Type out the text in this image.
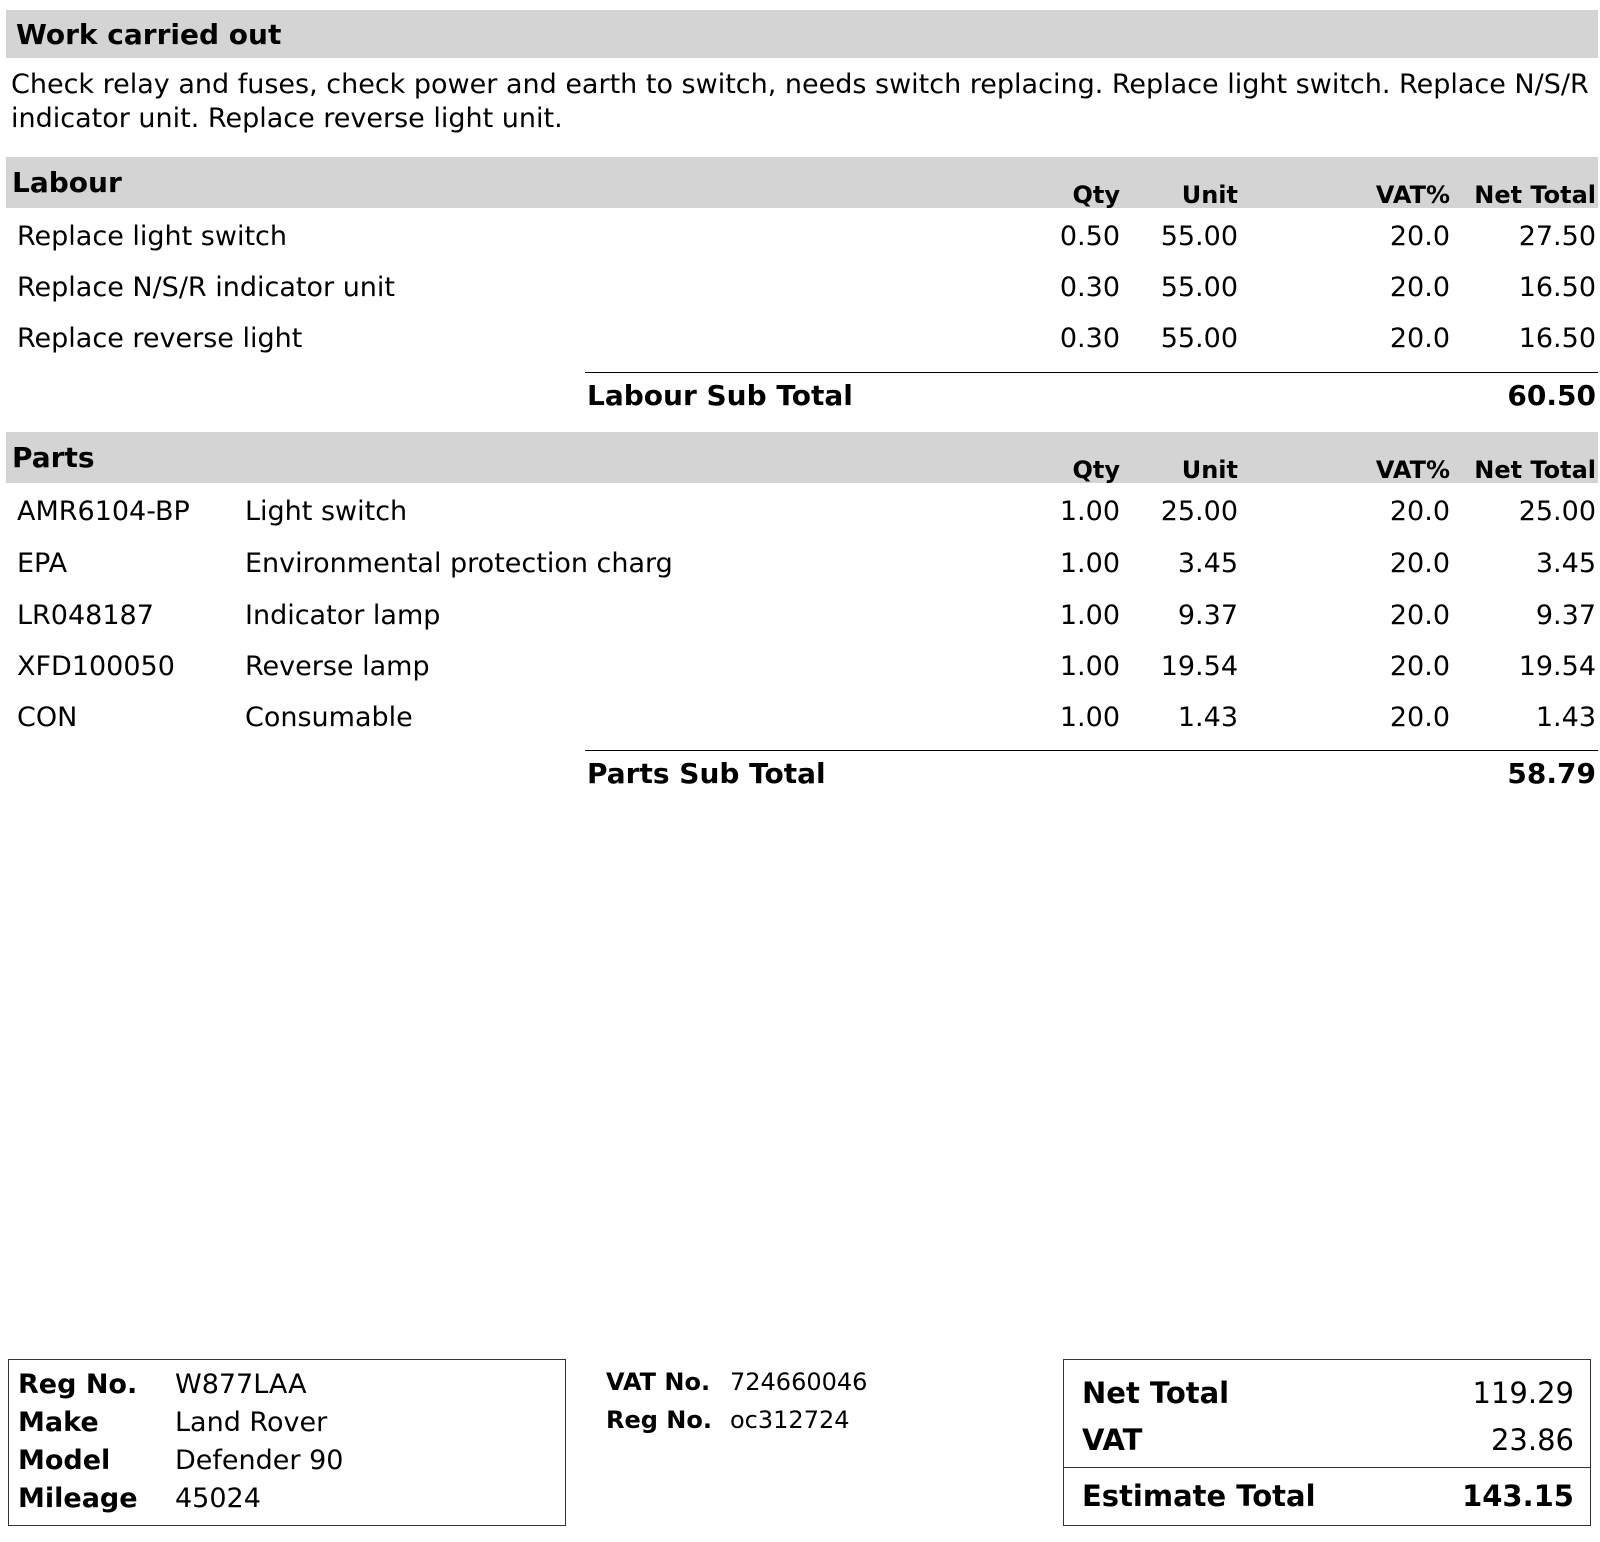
Work carried out
Check relay and fuses, check power and earth to switch, needs switch replacing. Replace light switch. Replace N/S/R indicator unit. Replace reverse light unit.
Labour	Qty	Unit	VAT% Net Total
Replace light switch	0.50 55.00	20.0	27.50
Replace N/S/R indicator unit	0.30 55.00	20.0	16.50
Replace reverse light	0.30 55.00	20.0	16.50
Labour Sub Total	60.50
Parts	Qty	Unit	VAT% Net Total
AMR6104-BP Light switch	1.00 25.00	20.0	25.00
EPA	Environmental protection charg	1.00 3.45	20.0	3.45
LR048187	Indicator lamp	1.00 9.37	20.0	9.37
XFD100050	Reverse lamp	1.00 19.54	20.0	19.54
CON	Consumable	1.00 1.43	20.0	1.43
Parts Sub Total	58.79
Reg No. W877LAA
Make	Land Rover
Model Defender 90
Mileage 45024
VAT No. 724660046
Reg No. oc312724
Net Total	119.29
VAT	23.86
Estimate Total	143.15
